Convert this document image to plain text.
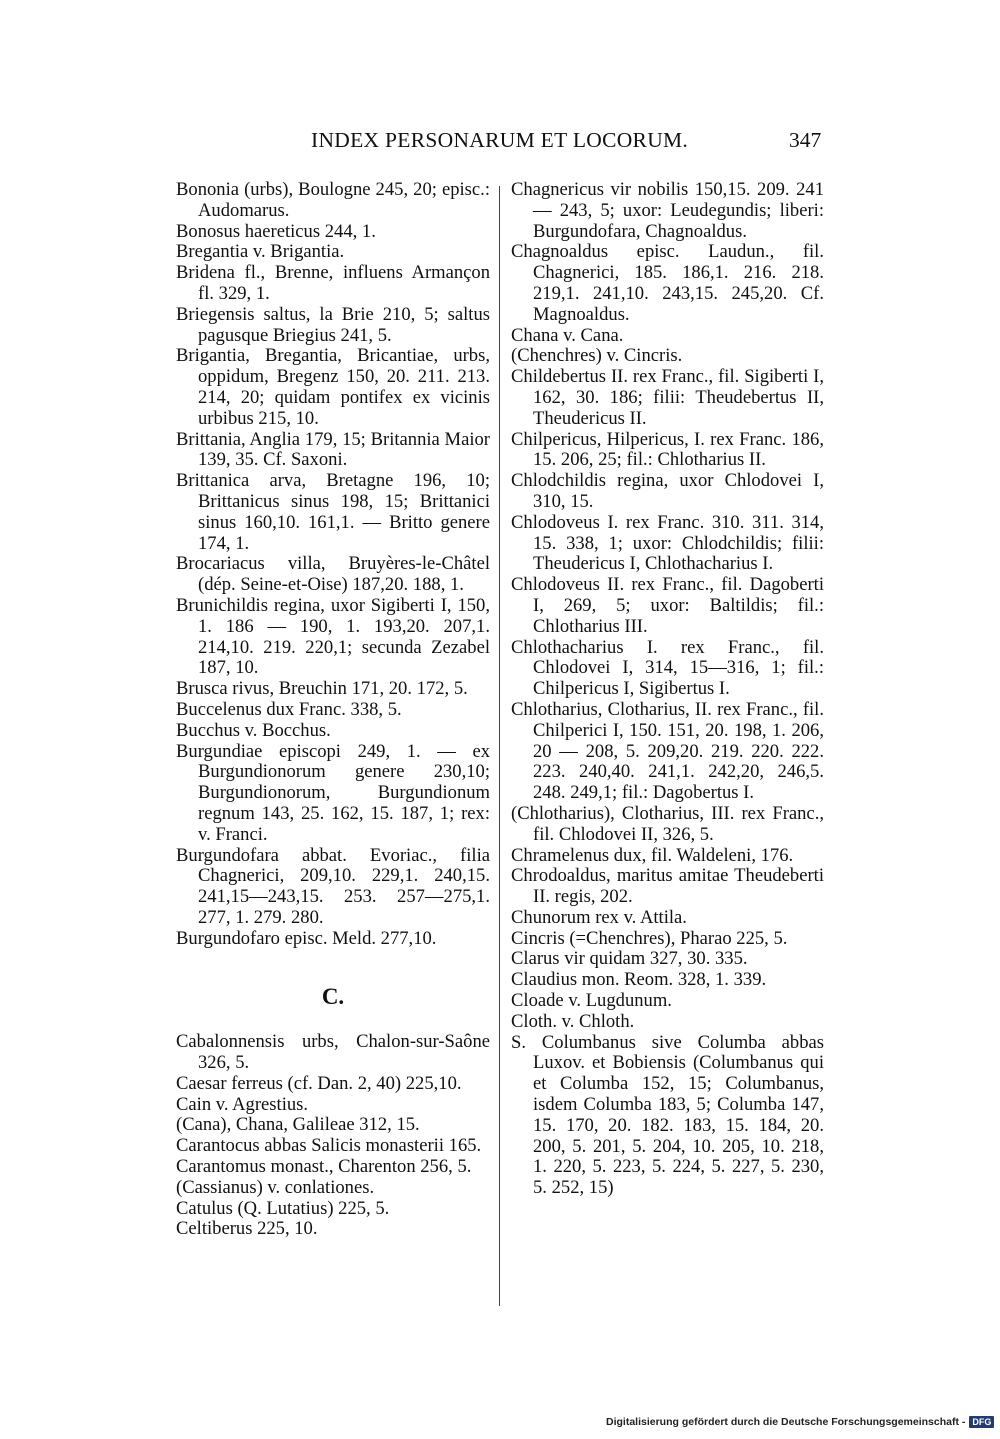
INDEX PERSONARUM ET LOCORUM.	347

Bononia (urbs), Boulogne 245, 20; episc.: Audomarus.

Bonosus haereticus 244, 1.

Bregantia v. Brigantia.

Bridena fl., Brenne, influens Armançon fl. 329, 1.

Briegensis saltus, la Brie 210, 5; saltus pagusque Briegius 241, 5.

Brigantia, Bregantia, Bricantiae, urbs, oppidum, Bregenz 150, 20. 211. 213. 214, 20; quidam pontifex ex vicinis urbibus 215, 10.

Brittania, Anglia 179, 15; Britannia Maior 139, 35. Cf. Saxoni.

Brittanica arva, Bretagne 196, 10; Brittanicus sinus 198, 15; Brittanici sinus 160,10. 161,1. — Britto genere 174, 1.

Brocariacus villa, Bruyères-le-Châtel (dép. Seine-et-Oise) 187,20. 188, 1.

Brunichildis regina, uxor Sigiberti I, 150, 1. 186 — 190, 1. 193,20. 207,1. 214,10. 219. 220,1; secunda Zezabel 187, 10.

Brusca rivus, Breuchin 171, 20. 172, 5.

Buccelenus dux Franc. 338, 5.

Bucchus v. Bocchus.

Burgundiae episcopi 249, 1. — ex Burgundionorum genere 230,10; Burgundionorum, Burgundionum regnum 143, 25. 162, 15. 187, 1; rex: v. Franci.

Burgundofara abbat. Evoriac., filia Chagnerici, 209,10. 229,1. 240,15. 241,15—243,15. 253. 257—275,1. 277, 1. 279. 280.

Burgundofaro episc. Meld. 277,10.

C.

Cabalonnensis urbs, Chalon-sur-Saône 326, 5.

Caesar ferreus (cf. Dan. 2, 40) 225,10.

Cain v. Agrestius.

(Cana), Chana, Galileae 312, 15.

Carantocus abbas Salicis monasterii 165.

Carantomus monast., Charenton 256, 5.

(Cassianus) v. conlationes.

Catulus (Q. Lutatius) 225, 5.

Celtiberus 225, 10.

Chagnericus vir nobilis 150,15. 209. 241 — 243, 5; uxor: Leudegundis; liberi: Burgundofara, Chagnoaldus.

Chagnoaldus episc. Laudun., fil. Chagnerici, 185. 186,1. 216. 218. 219,1. 241,10. 243,15. 245,20. Cf. Magnoaldus.

Chana v. Cana.

(Chenchres) v. Cincris.

Childebertus II. rex Franc., fil. Sigiberti I, 162, 30. 186; filii: Theudebertus II, Theudericus II.

Chilpericus, Hilpericus, I. rex Franc. 186, 15. 206, 25; fil.: Chlotharius II.

Chlodchildis regina, uxor Chlodovei I, 310, 15.

Chlodoveus I. rex Franc. 310. 311. 314, 15. 338, 1; uxor: Chlodchildis; filii: Theudericus I, Chlothacharius I.

Chlodoveus II. rex Franc., fil. Dagoberti I, 269, 5; uxor: Baltildis; fil.: Chlotharius III.

Chlothacharius I. rex Franc., fil. Chlodovei I, 314, 15—316, 1; fil.: Chilpericus I, Sigibertus I.

Chlotharius, Clotharius, II. rex Franc., fil. Chilperici I, 150. 151, 20. 198, 1. 206, 20 — 208, 5. 209,20. 219. 220. 222. 223. 240,40. 241,1. 242,20, 246,5. 248. 249,1; fil.: Dagobertus I.

(Chlotharius), Clotharius, III. rex Franc., fil. Chlodovei II, 326, 5.

Chramelenus dux, fil. Waldeleni, 176.

Chrodoaldus, maritus amitae Theudeberti II. regis, 202.

Chunorum rex v. Attila.

Cincris (=Chenchres), Pharao 225, 5.

Clarus vir quidam 327, 30. 335.

Claudius mon. Reom. 328, 1. 339.

Cloade v. Lugdunum.

Cloth. v. Chloth.

S. Columbanus sive Columba abbas Luxov. et Bobiensis (Columbanus qui et Columba 152, 15; Columbanus, isdem Columba 183, 5; Columba 147, 15. 170, 20. 182. 183, 15. 184, 20. 200, 5. 201, 5. 204, 10. 205, 10. 218, 1. 220, 5. 223, 5. 224, 5. 227, 5. 230, 5. 252, 15)

Digitalisierung gefördert durch die Deutsche Forschungsgemeinschaft - DFG
